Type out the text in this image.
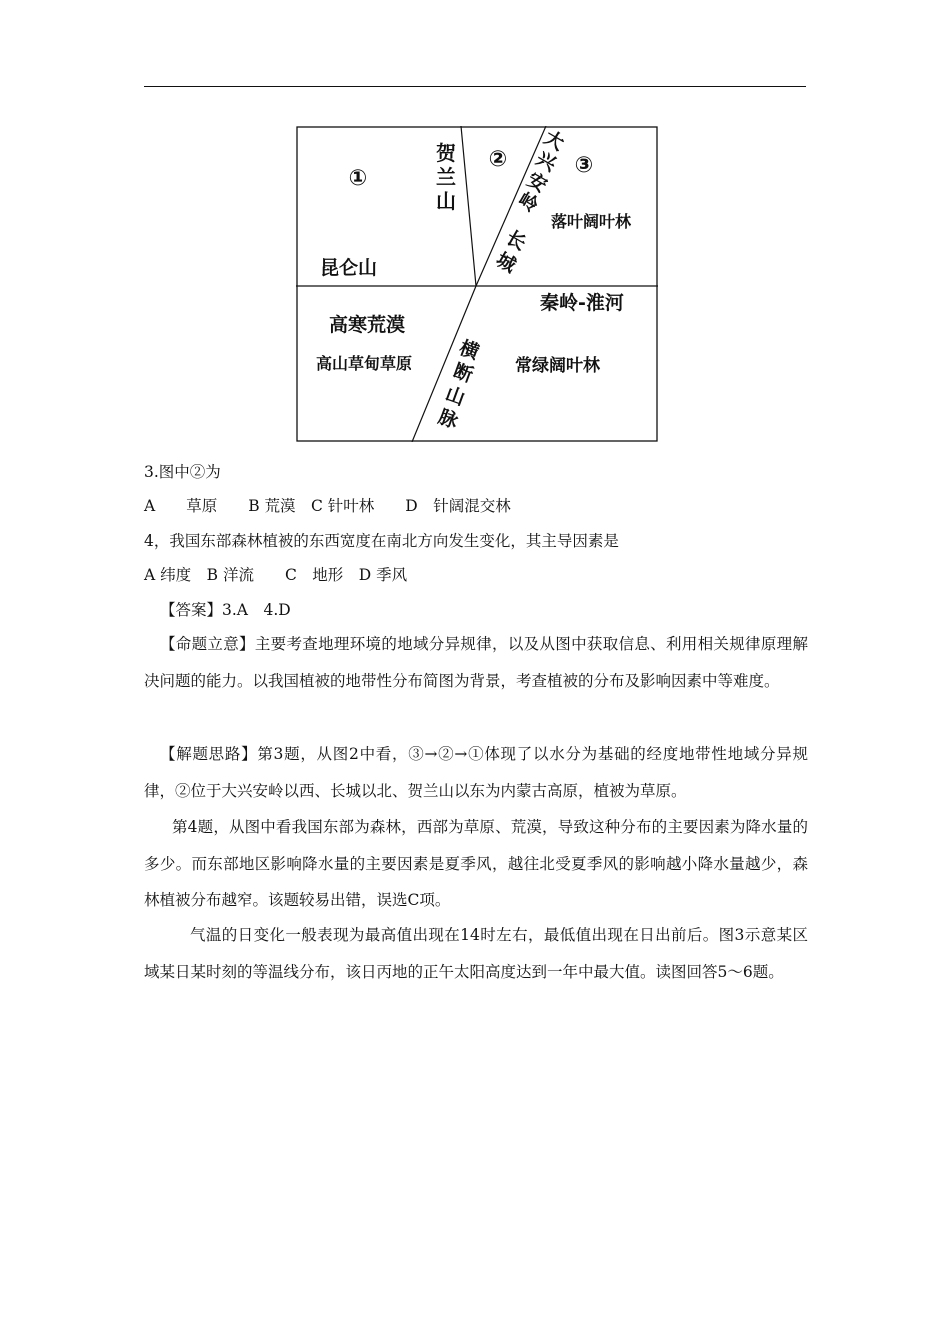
①
②	③
贺
兰
山
大
兴
安
岭
长
城
横
断
山
脉
落叶阔叶林
昆仑山
秦岭-淮河
高寒荒漠
高山草甸草原	常绿阔叶林
3.图中②为
A　　草原　　B 荒漠　C 针叶林　　D　针阔混交林
4，我国东部森林植被的东西宽度在南北方向发生变化，其主导因素是
A 纬度　B 洋流　　C　地形　D 季风
【答案】3.A　4.D
【命题立意】主要考查地理环境的地域分异规律，以及从图中获取信息、利用相关规律原理解决问题的能力。以我国植被的地带性分布简图为背景，考查植被的分布及影响因素中等难度。
【解题思路】第3题，从图2中看，③→②→①体现了以水分为基础的经度地带性地域分异规律，②位于大兴安岭以西、长城以北、贺兰山以东为内蒙古高原，植被为草原。
第4题，从图中看我国东部为森林，西部为草原、荒漠，导致这种分布的主要因素为降水量的多少。而东部地区影响降水量的主要因素是夏季风，越往北受夏季风的影响越小降水量越少，森林植被分布越窄。该题较易出错，误选C项。
气温的日变化一般表现为最高值出现在14时左右，最低值出现在日出前后。图3示意某区域某日某时刻的等温线分布，该日丙地的正午太阳高度达到一年中最大值。读图回答5～6题。
